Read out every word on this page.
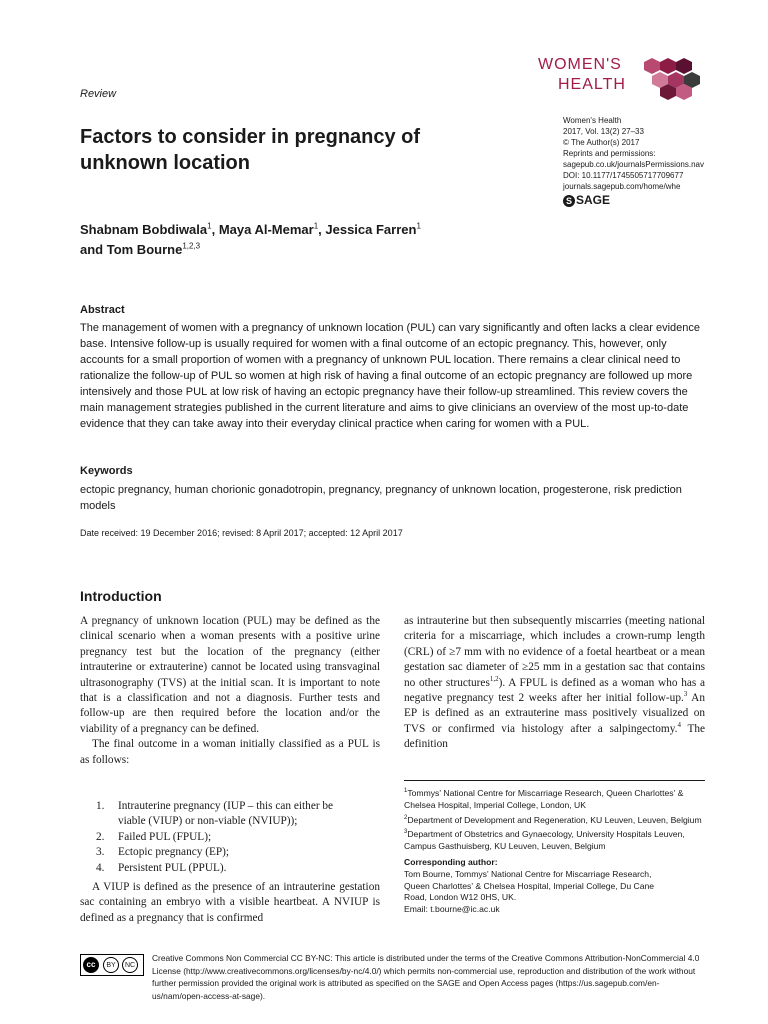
Review
Factors to consider in pregnancy of
unknown location
Shabnam Bobdiwala$^1$, Maya Al-Memar$^1$, Jessica Farren$^1$
and Tom Bourne$^{1,2,3}$
WOMEN'S
HEALTH
Women's Health
2017, Vol. 13(2) 27–33
© The Author(s) 2017
Reprints and permissions:
sagepub.co.uk/journalsPermissions.nav
DOI: 10.1177/1745505717709677
journals.sagepub.com/home/whe
S SAGE
Abstract
The management of women with a pregnancy of unknown location (PUL) can vary significantly and often lacks a clear evidence base. Intensive follow-up is usually required for women with a final outcome of an ectopic pregnancy. This, however, only accounts for a small proportion of women with a pregnancy of unknown PUL location. There remains a clear clinical need to rationalize the follow-up of PUL so women at high risk of having a final outcome of an ectopic pregnancy are followed up more intensively and those PUL at low risk of having an ectopic pregnancy have their follow-up streamlined. This review covers the main management strategies published in the current literature and aims to give clinicians an overview of the most up-to-date evidence that they can take away into their everyday clinical practice when caring for women with a PUL.
Keywords
ectopic pregnancy, human chorionic gonadotropin, pregnancy, pregnancy of unknown location, progesterone, risk prediction models
Date received: 19 December 2016; revised: 8 April 2017; accepted: 12 April 2017
Introduction

A pregnancy of unknown location (PUL) may be defined as the clinical scenario when a woman presents with a positive urine pregnancy test but the location of the pregnancy (either intrauterine or extrauterine) cannot be located using transvaginal ultrasonography (TVS) at the initial scan. It is important to note that is a classification and not a diagnosis. Further tests and follow-up are then required before the location and/or the viability of a pregnancy can be defined.

The final outcome in a woman initially classified as a PUL is as follows:

1. Intrauterine pregnancy (IUP – this can either be
viable (VIUP) or non-viable (NVIUP));
2. Failed PUL (FPUL);
3. Ectopic pregnancy (EP);
4. Persistent PUL (PPUL).

A VIUP is defined as the presence of an intrauterine gestation sac containing an embryo with a visible heartbeat. A NVIUP is defined as a pregnancy that is confirmed

as intrauterine but then subsequently miscarries (meeting national criteria for a miscarriage, which includes a crown-rump length (CRL) of ≥7 mm with no evidence of a foetal heartbeat or a mean gestation sac diameter of ≥25 mm in a gestation sac that contains no other structures$^{1,2}$). A FPUL is defined as a woman who has a negative pregnancy test 2 weeks after her initial follow-up.$^3$ An EP is defined as an extrauterine mass positively visualized on TVS or confirmed via histology after a salpingectomy.$^4$ The definition

$^1$Tommys' National Centre for Miscarriage Research, Queen Charlottes' & Chelsea Hospital, Imperial College, London, UK
$^2$Department of Development and Regeneration, KU Leuven, Leuven, Belgium
$^3$Department of Obstetrics and Gynaecology, University Hospitals Leuven, Campus Gasthuisberg, KU Leuven, Leuven, Belgium
Corresponding author:
Tom Bourne, Tommys' National Centre for Miscarriage Research,
Queen Charlottes' & Chelsea Hospital, Imperial College, Du Cane
Road, London W12 0HS, UK.
Email: t.bourne@ic.ac.uk
cc	BY	NC
Creative Commons Non Commercial CC BY-NC: This article is distributed under the terms of the Creative Commons Attribution-NonCommercial 4.0 License (http://www.creativecommons.org/licenses/by-nc/4.0/) which permits non-commercial use, reproduction and distribution of the work without further permission provided the original work is attributed as specified on the SAGE and Open Access pages (https://us.sagepub.com/en-us/nam/open-access-at-sage).
